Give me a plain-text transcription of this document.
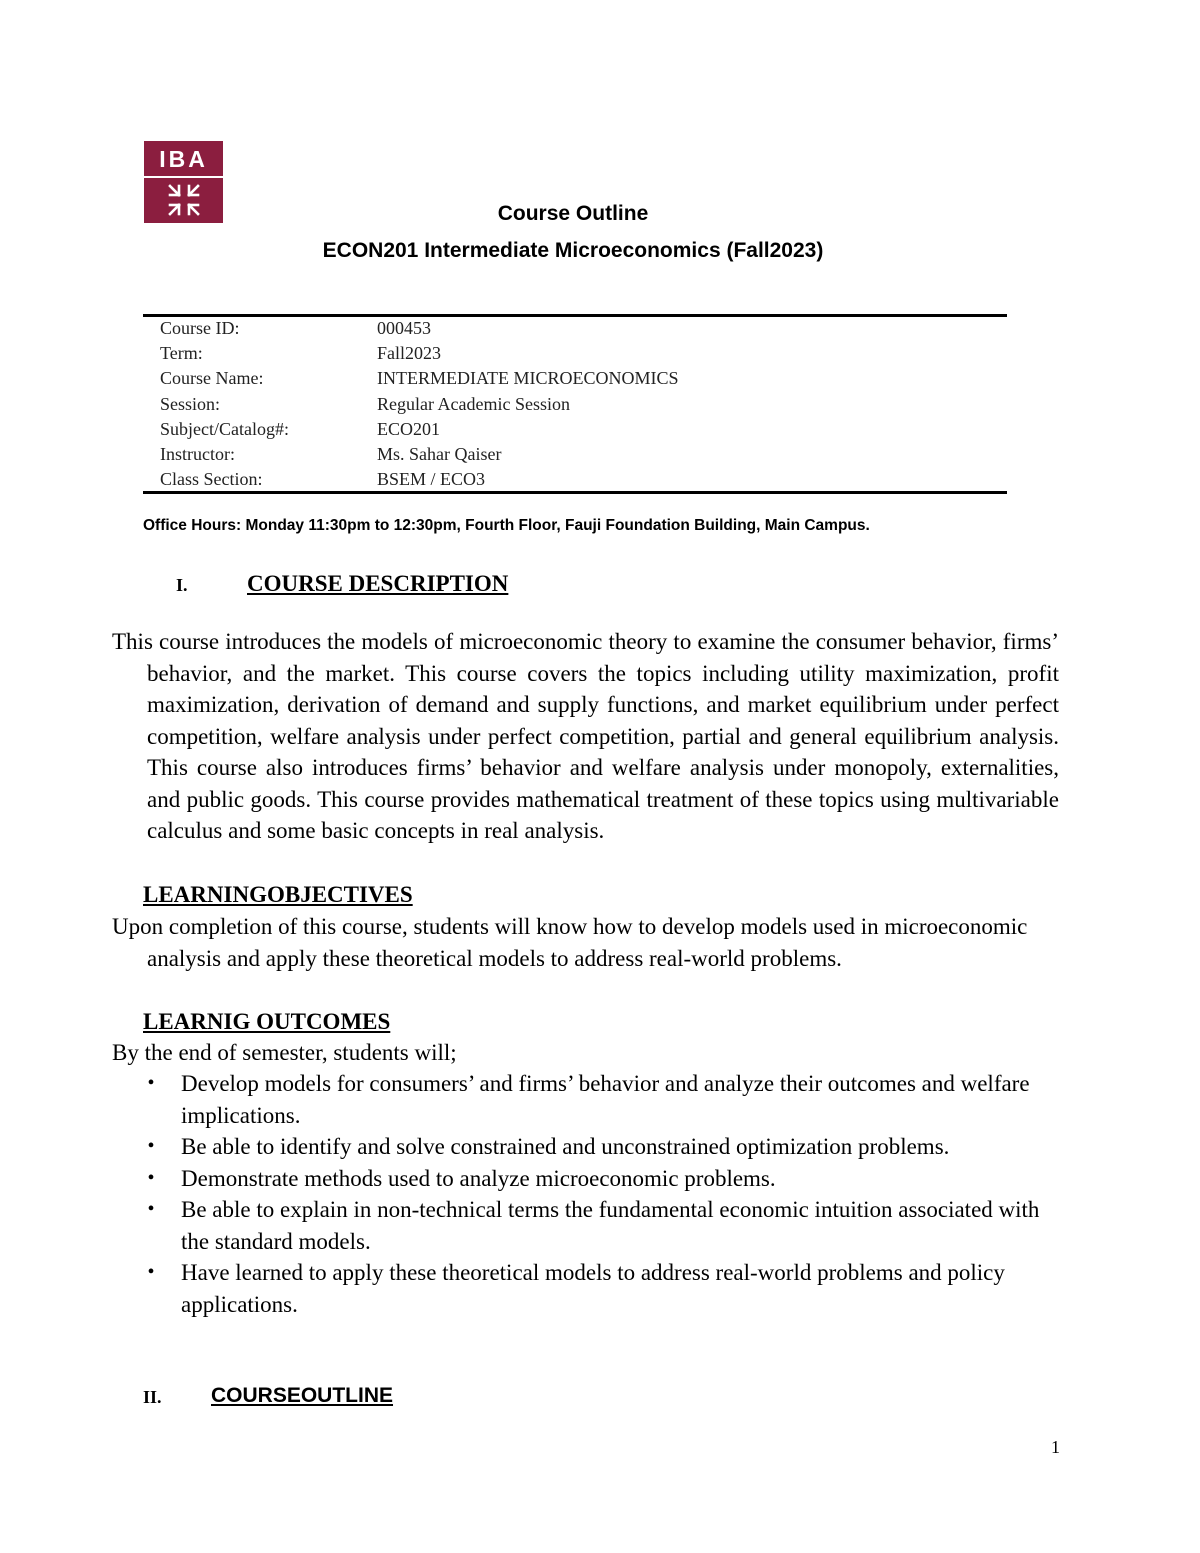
IBA
Course Outline
ECON201 Intermediate Microeconomics (Fall2023)
Course ID:	000453
Term:	Fall2023
Course Name:	INTERMEDIATE MICROECONOMICS
Session:	Regular Academic Session
Subject/Catalog#:	ECO201
Instructor:	Ms. Sahar Qaiser
Class Section:	BSEM / ECO3
Office Hours: Monday 11:30pm to 12:30pm, Fourth Floor, Fauji Foundation Building, Main Campus.
I.	COURSE DESCRIPTION
This course introduces the models of microeconomic theory to examine the consumer behavior, firms’ behavior, and the market. This course covers the topics including utility maximization, profit maximization, derivation of demand and supply functions, and market equilibrium under perfect competition, welfare analysis under perfect competition, partial and general equilibrium analysis. This course also introduces firms’ behavior and welfare analysis under monopoly, externalities, and public goods. This course provides mathematical treatment of these topics using multivariable calculus and some basic concepts in real analysis.
LEARNINGOBJECTIVES
Upon completion of this course, students will know how to develop models used in microeconomic analysis and apply these theoretical models to address real-world problems.
LEARNIG OUTCOMES
By the end of semester, students will;
• Develop models for consumers’ and firms’ behavior and analyze their outcomes and welfare implications.
• Be able to identify and solve constrained and unconstrained optimization problems.
• Demonstrate methods used to analyze microeconomic problems.
• Be able to explain in non-technical terms the fundamental economic intuition associated with the standard models.
• Have learned to apply these theoretical models to address real-world problems and policy applications.
II. COURSEOUTLINE
1
